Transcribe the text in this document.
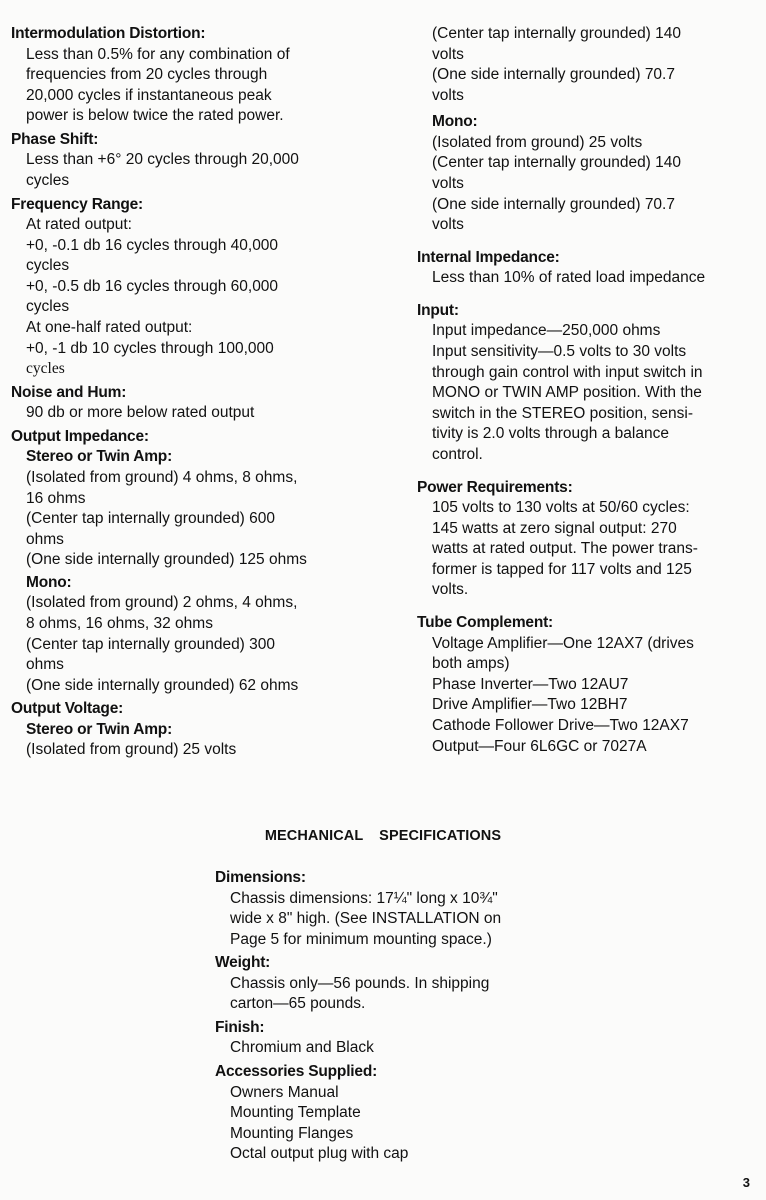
Intermodulation Distortion:
Less than 0.5% for any combination of
frequencies from 20 cycles through
20,000 cycles if instantaneous peak
power is below twice the rated power.
Phase Shift:
Less than +6° 20 cycles through 20,000
cycles
Frequency Range:
At rated output:
+0, -0.1 db 16 cycles through 40,000
cycles
+0, -0.5 db 16 cycles through 60,000
cycles
At one-half rated output:
+0, -1 db 10 cycles through 100,000
cycles
Noise and Hum:
90 db or more below rated output
Output Impedance:
Stereo or Twin Amp:
(Isolated from ground) 4 ohms, 8 ohms,
16 ohms
(Center tap internally grounded) 600
ohms
(One side internally grounded) 125 ohms
Mono:
(Isolated from ground) 2 ohms, 4 ohms,
8 ohms, 16 ohms, 32 ohms
(Center tap internally grounded) 300
ohms
(One side internally grounded) 62 ohms
Output Voltage:
Stereo or Twin Amp:
(Isolated from ground) 25 volts
(Center tap internally grounded) 140
volts
(One side internally grounded) 70.7
volts
Mono:
(Isolated from ground) 25 volts
(Center tap internally grounded) 140
volts
(One side internally grounded) 70.7
volts
Internal Impedance:
Less than 10% of rated load impedance
Input:
Input impedance—250,000 ohms
Input sensitivity—0.5 volts to 30 volts
through gain control with input switch in
MONO or TWIN AMP position. With the
switch in the STEREO position, sensi-
tivity is 2.0 volts through a balance
control.
Power Requirements:
105 volts to 130 volts at 50/60 cycles:
145 watts at zero signal output: 270
watts at rated output. The power trans-
former is tapped for 117 volts and 125
volts.
Tube Complement:
Voltage Amplifier—One 12AX7 (drives
both amps)
Phase Inverter—Two 12AU7
Drive Amplifier—Two 12BH7
Cathode Follower Drive—Two 12AX7
Output—Four 6L6GC or 7027A
MECHANICAL SPECIFICATIONS
Dimensions:
Chassis dimensions: 17¼" long x 10¾"
wide x 8" high. (See INSTALLATION on
Page 5 for minimum mounting space.)
Weight:
Chassis only—56 pounds. In shipping
carton—65 pounds.
Finish:
Chromium and Black
Accessories Supplied:
Owners Manual
Mounting Template
Mounting Flanges
Octal output plug with cap
3
